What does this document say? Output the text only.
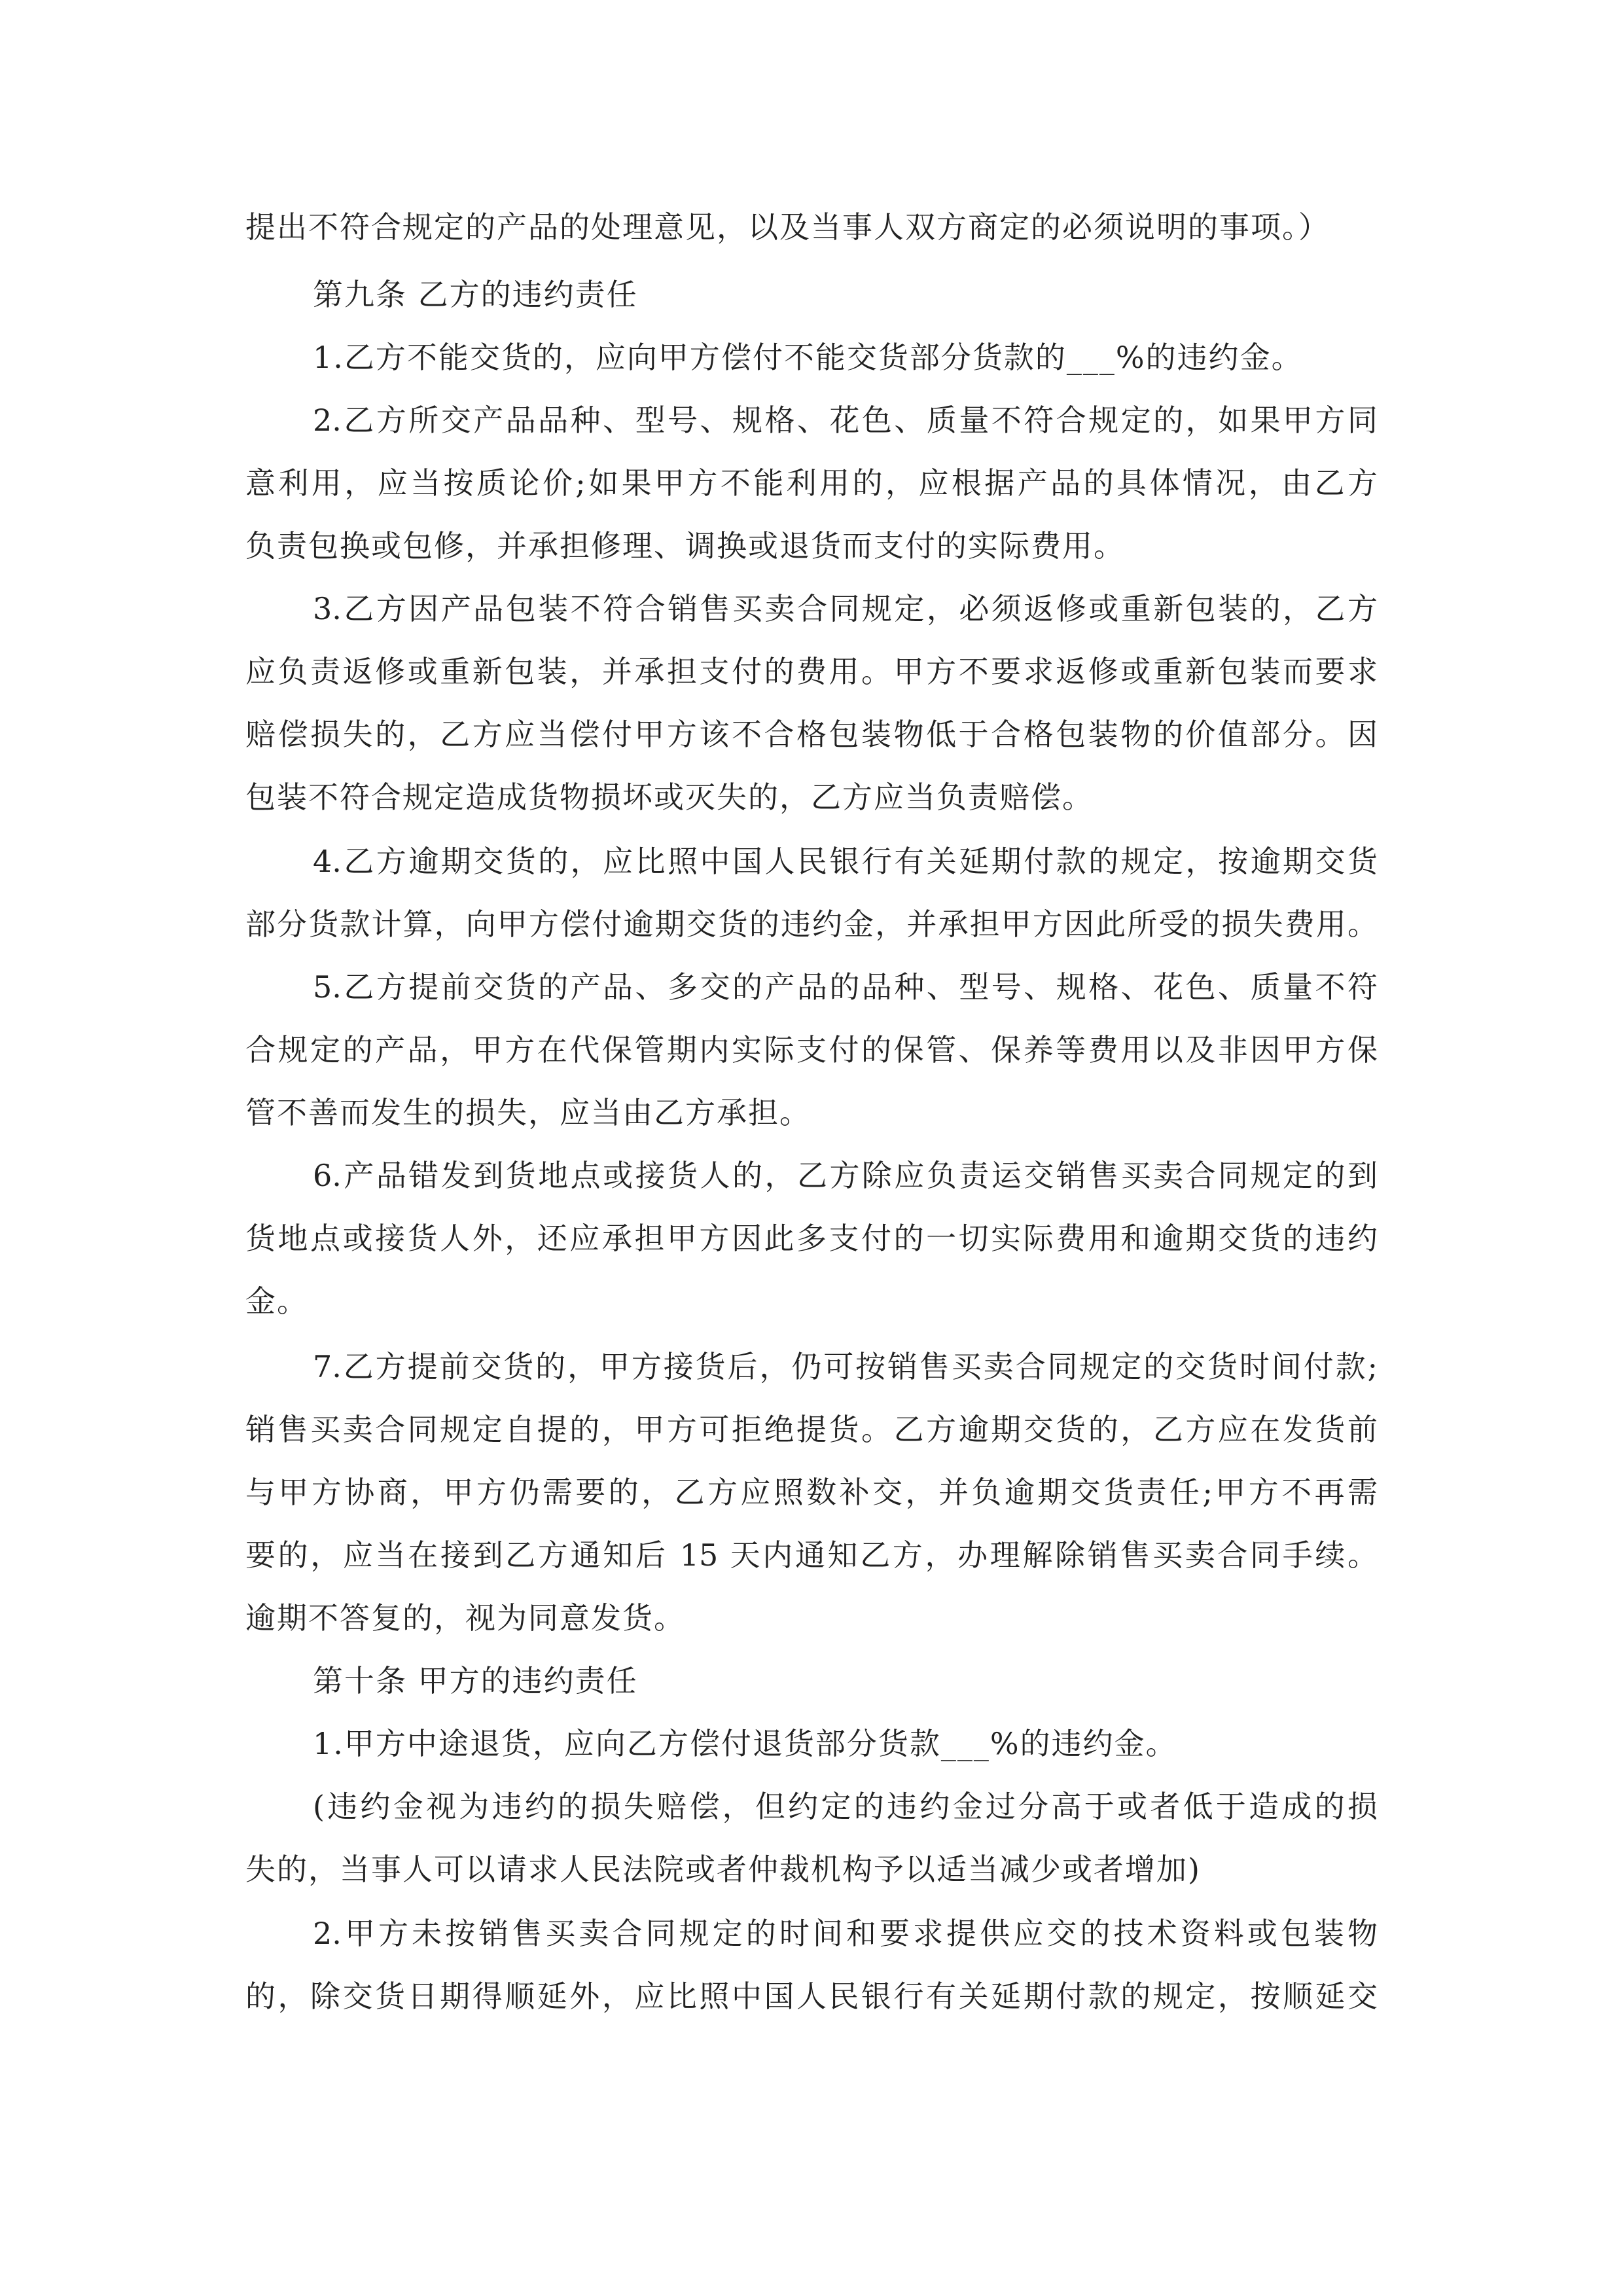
提出不符合规定的产品的处理意见，以及当事人双方商定的必须说明的事项。）
第九条 乙方的违约责任
1.乙方不能交货的，应向甲方偿付不能交货部分货款的___%的违约金。
2.乙方所交产品品种、型号、规格、花色、质量不符合规定的，如果甲方同
意利用，应当按质论价;如果甲方不能利用的，应根据产品的具体情况，由乙方
负责包换或包修，并承担修理、调换或退货而支付的实际费用。
3.乙方因产品包装不符合销售买卖合同规定，必须返修或重新包装的，乙方
应负责返修或重新包装，并承担支付的费用。甲方不要求返修或重新包装而要求
赔偿损失的，乙方应当偿付甲方该不合格包装物低于合格包装物的价值部分。因
包装不符合规定造成货物损坏或灭失的，乙方应当负责赔偿。
4.乙方逾期交货的，应比照中国人民银行有关延期付款的规定，按逾期交货
部分货款计算，向甲方偿付逾期交货的违约金，并承担甲方因此所受的损失费用。
5.乙方提前交货的产品、多交的产品的品种、型号、规格、花色、质量不符
合规定的产品，甲方在代保管期内实际支付的保管、保养等费用以及非因甲方保
管不善而发生的损失，应当由乙方承担。
6.产品错发到货地点或接货人的，乙方除应负责运交销售买卖合同规定的到
货地点或接货人外，还应承担甲方因此多支付的一切实际费用和逾期交货的违约
金。
7.乙方提前交货的，甲方接货后，仍可按销售买卖合同规定的交货时间付款;
销售买卖合同规定自提的，甲方可拒绝提货。乙方逾期交货的，乙方应在发货前
与甲方协商，甲方仍需要的，乙方应照数补交，并负逾期交货责任;甲方不再需
要的，应当在接到乙方通知后 15 天内通知乙方，办理解除销售买卖合同手续。
逾期不答复的，视为同意发货。
第十条 甲方的违约责任
1.甲方中途退货，应向乙方偿付退货部分货款___%的违约金。
(违约金视为违约的损失赔偿，但约定的违约金过分高于或者低于造成的损
失的，当事人可以请求人民法院或者仲裁机构予以适当减少或者增加)
2.甲方未按销售买卖合同规定的时间和要求提供应交的技术资料或包装物
的，除交货日期得顺延外，应比照中国人民银行有关延期付款的规定，按顺延交
